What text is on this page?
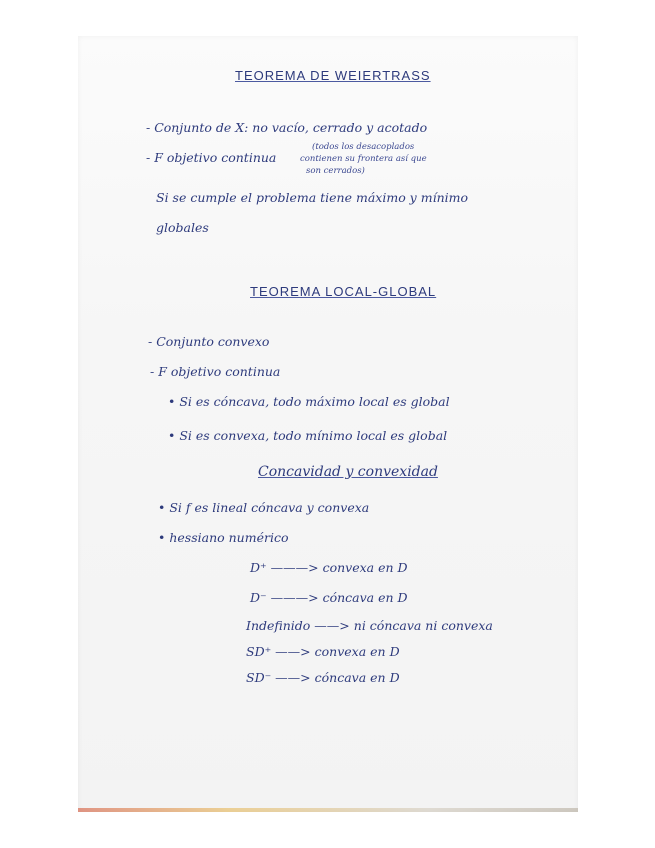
TEOREMA DE WEIERTRASS
- Conjunto de X: no vacío, cerrado y acotado
- F objetivo continua
(todos los desacoplados
contienen su frontera así que
son cerrados)
Si se cumple el problema tiene máximo y mínimo
globales
TEOREMA LOCAL-GLOBAL
- Conjunto convexo
- F objetivo continua
• Si es cóncava, todo máximo local es global
• Si es convexa, todo mínimo local es global
Concavidad y convexidad
• Si f es lineal cóncava y convexa
• hessiano numérico
D⁺ ———> convexa en D
D⁻ ———> cóncava en D
Indefinido ——> ni cóncava ni convexa
SD⁺ ——> convexa en D
SD⁻ ——> cóncava en D
